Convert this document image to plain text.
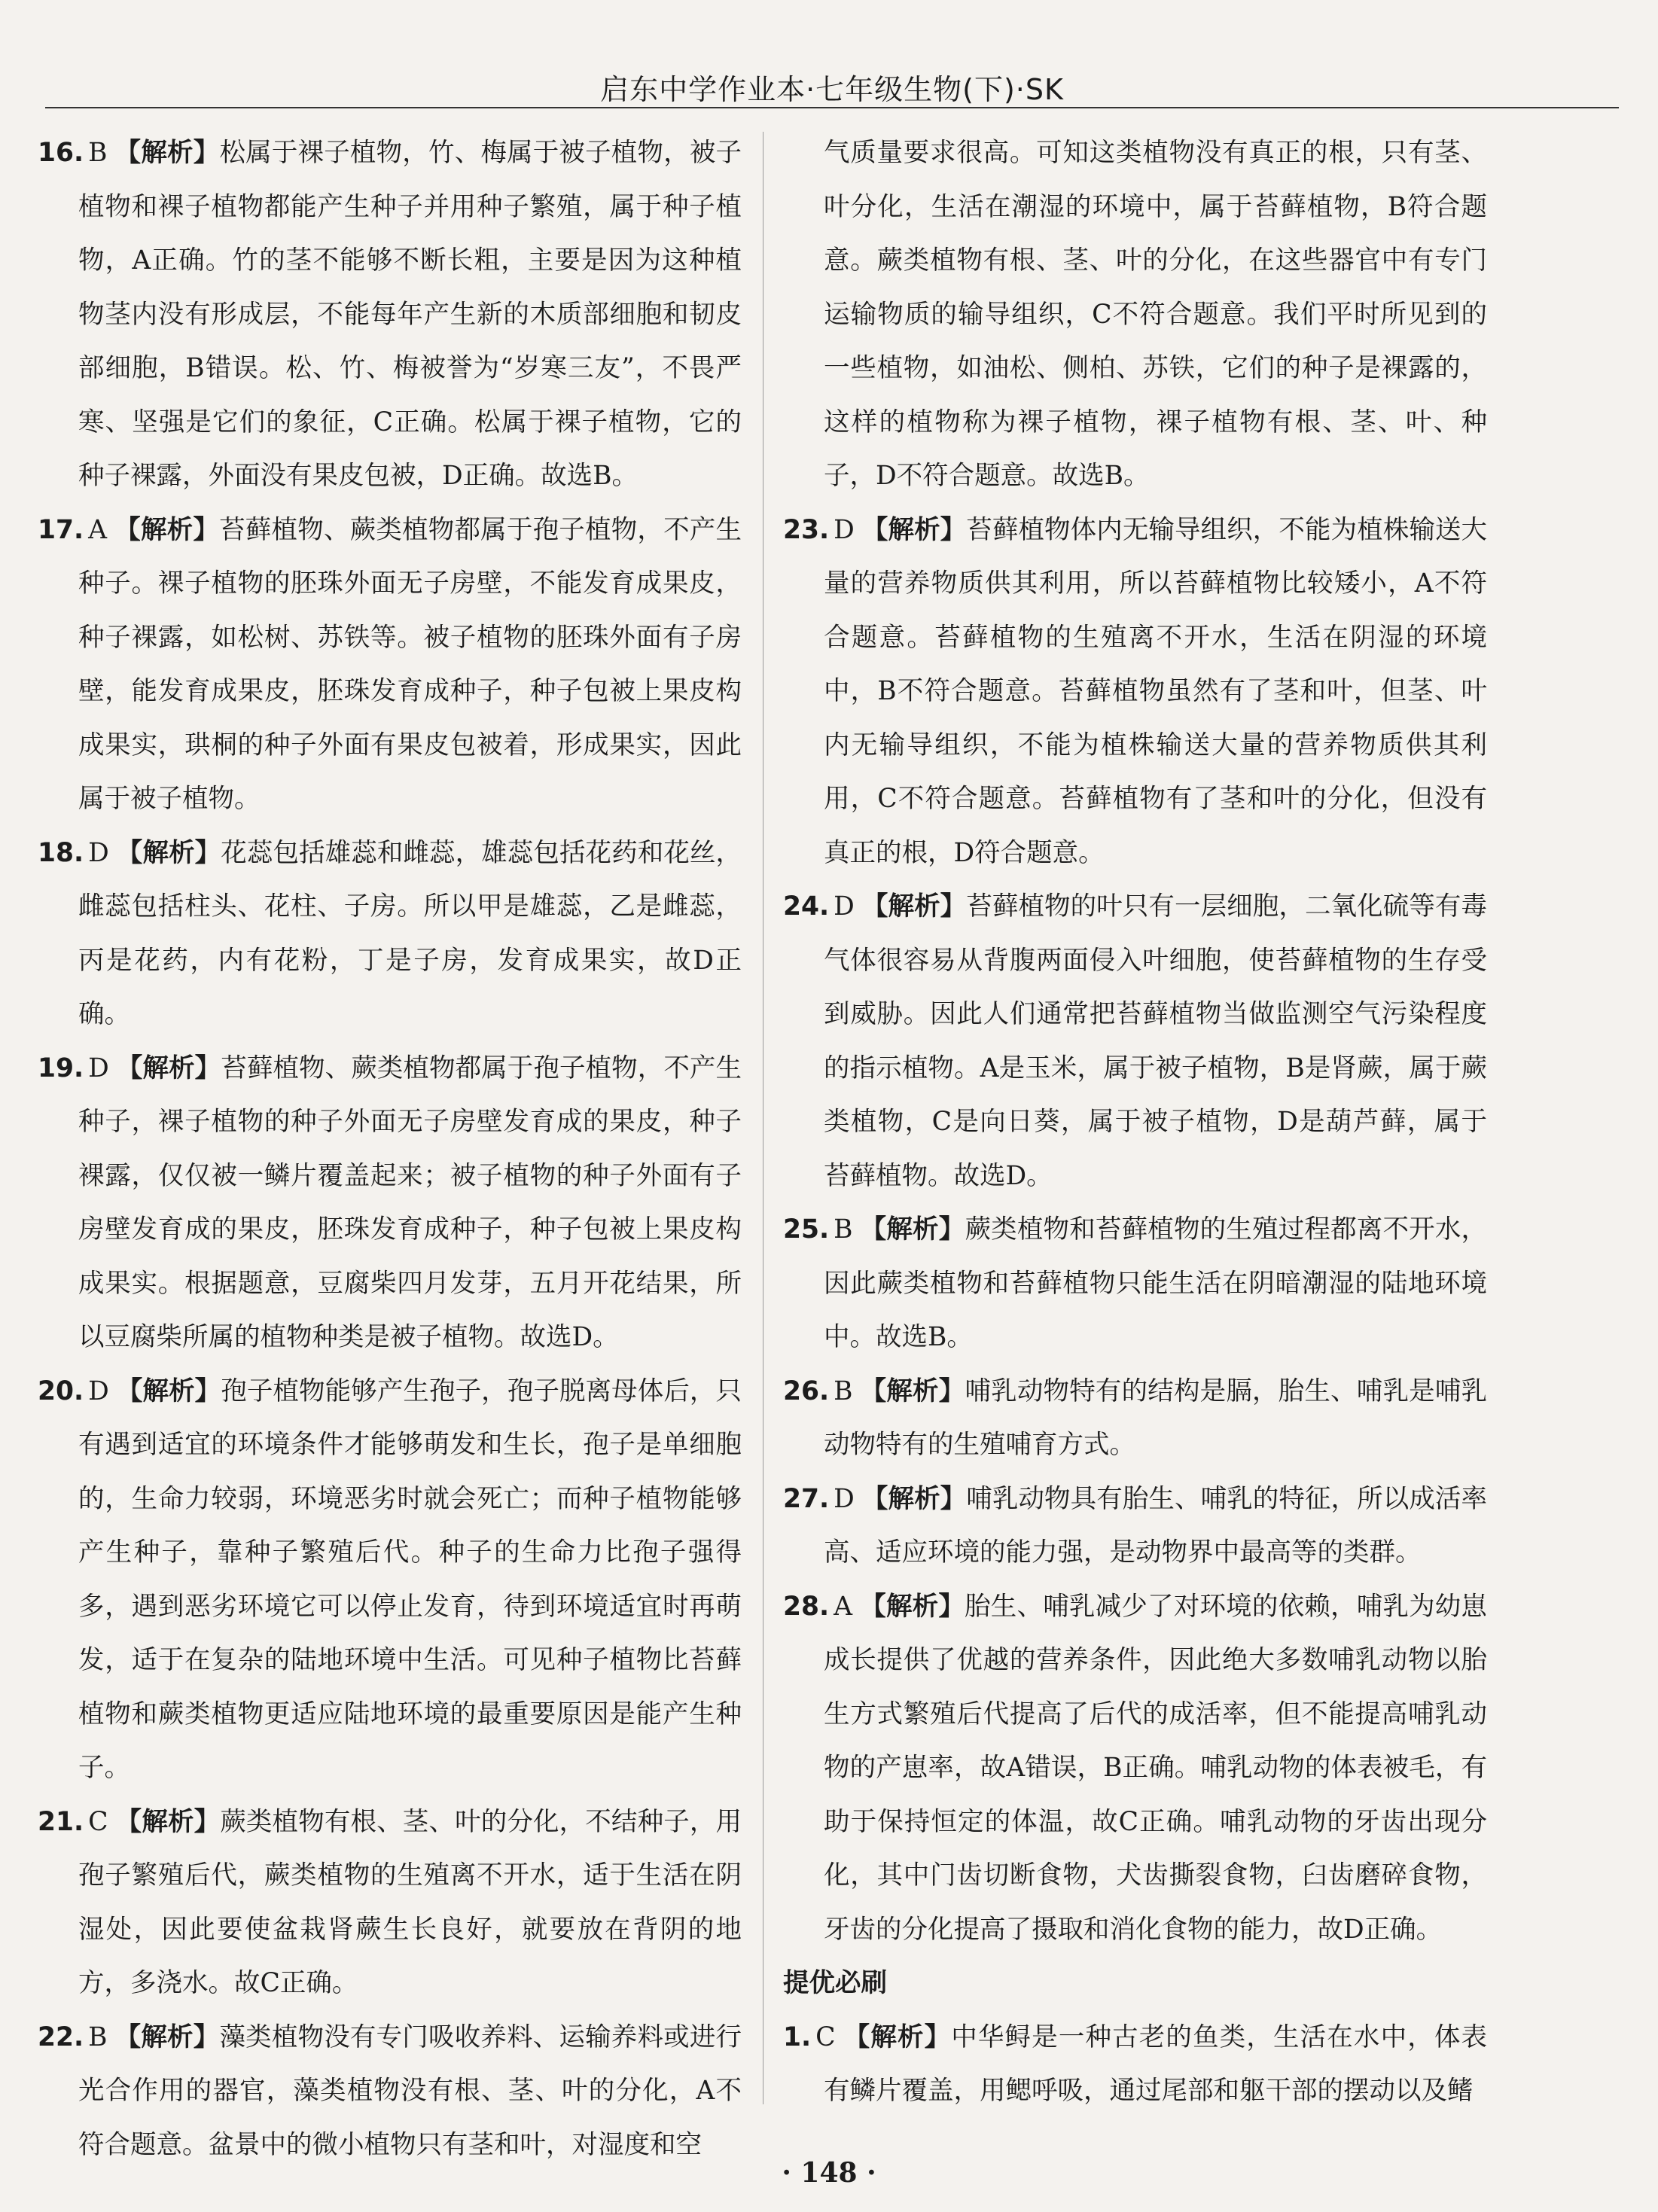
启东中学作业本·七年级生物(下)·SK

16. B 【解析】松属于裸子植物，竹、梅属于被子植物，被子植物和裸子植物都能产生种子并用种子繁殖，属于种子植物，A正确。竹的茎不能够不断长粗，主要是因为这种植物茎内没有形成层，不能每年产生新的木质部细胞和韧皮部细胞，B错误。松、竹、梅被誉为“岁寒三友”，不畏严寒、坚强是它们的象征，C正确。松属于裸子植物，它的种子裸露，外面没有果皮包被，D正确。故选B。

17. A 【解析】苔藓植物、蕨类植物都属于孢子植物，不产生种子。裸子植物的胚珠外面无子房壁，不能发育成果皮，种子裸露，如松树、苏铁等。被子植物的胚珠外面有子房壁，能发育成果皮，胚珠发育成种子，种子包被上果皮构成果实，珙桐的种子外面有果皮包被着，形成果实，因此属于被子植物。

18. D 【解析】花蕊包括雄蕊和雌蕊，雄蕊包括花药和花丝，雌蕊包括柱头、花柱、子房。所以甲是雄蕊，乙是雌蕊，丙是花药，内有花粉，丁是子房，发育成果实，故D正确。

19. D 【解析】苔藓植物、蕨类植物都属于孢子植物，不产生种子，裸子植物的种子外面无子房壁发育成的果皮，种子裸露，仅仅被一鳞片覆盖起来；被子植物的种子外面有子房壁发育成的果皮，胚珠发育成种子，种子包被上果皮构成果实。根据题意，豆腐柴四月发芽，五月开花结果，所以豆腐柴所属的植物种类是被子植物。故选D。

20. D 【解析】孢子植物能够产生孢子，孢子脱离母体后，只有遇到适宜的环境条件才能够萌发和生长，孢子是单细胞的，生命力较弱，环境恶劣时就会死亡；而种子植物能够产生种子，靠种子繁殖后代。种子的生命力比孢子强得多，遇到恶劣环境它可以停止发育，待到环境适宜时再萌发，适于在复杂的陆地环境中生活。可见种子植物比苔藓植物和蕨类植物更适应陆地环境的最重要原因是能产生种子。

21. C 【解析】蕨类植物有根、茎、叶的分化，不结种子，用孢子繁殖后代，蕨类植物的生殖离不开水，适于生活在阴湿处，因此要使盆栽肾蕨生长良好，就要放在背阴的地方，多浇水。故C正确。

22. B 【解析】藻类植物没有专门吸收养料、运输养料或进行光合作用的器官，藻类植物没有根、茎、叶的分化，A不符合题意。盆景中的微小植物只有茎和叶，对湿度和空

气质量要求很高。可知这类植物没有真正的根，只有茎、叶分化，生活在潮湿的环境中，属于苔藓植物，B符合题意。蕨类植物有根、茎、叶的分化，在这些器官中有专门运输物质的输导组织，C不符合题意。我们平时所见到的一些植物，如油松、侧柏、苏铁，它们的种子是裸露的，这样的植物称为裸子植物，裸子植物有根、茎、叶、种子，D不符合题意。故选B。

23. D 【解析】苔藓植物体内无输导组织，不能为植株输送大量的营养物质供其利用，所以苔藓植物比较矮小，A不符合题意。苔藓植物的生殖离不开水，生活在阴湿的环境中，B不符合题意。苔藓植物虽然有了茎和叶，但茎、叶内无输导组织，不能为植株输送大量的营养物质供其利用，C不符合题意。苔藓植物有了茎和叶的分化，但没有真正的根，D符合题意。

24. D 【解析】苔藓植物的叶只有一层细胞，二氧化硫等有毒气体很容易从背腹两面侵入叶细胞，使苔藓植物的生存受到威胁。因此人们通常把苔藓植物当做监测空气污染程度的指示植物。A是玉米，属于被子植物，B是肾蕨，属于蕨类植物，C是向日葵，属于被子植物，D是葫芦藓，属于苔藓植物。故选D。

25. B 【解析】蕨类植物和苔藓植物的生殖过程都离不开水，因此蕨类植物和苔藓植物只能生活在阴暗潮湿的陆地环境中。故选B。

26. B 【解析】哺乳动物特有的结构是膈，胎生、哺乳是哺乳动物特有的生殖哺育方式。

27. D 【解析】哺乳动物具有胎生、哺乳的特征，所以成活率高、适应环境的能力强，是动物界中最高等的类群。

28. A 【解析】胎生、哺乳减少了对环境的依赖，哺乳为幼崽成长提供了优越的营养条件，因此绝大多数哺乳动物以胎生方式繁殖后代提高了后代的成活率，但不能提高哺乳动物的产崽率，故A错误，B正确。哺乳动物的体表被毛，有助于保持恒定的体温，故C正确。哺乳动物的牙齿出现分化，其中门齿切断食物，犬齿撕裂食物，臼齿磨碎食物，牙齿的分化提高了摄取和消化食物的能力，故D正确。

提优必刷

1. C 【解析】中华鲟是一种古老的鱼类，生活在水中，体表有鳞片覆盖，用鳃呼吸，通过尾部和躯干部的摆动以及鳍

· 148 ·
